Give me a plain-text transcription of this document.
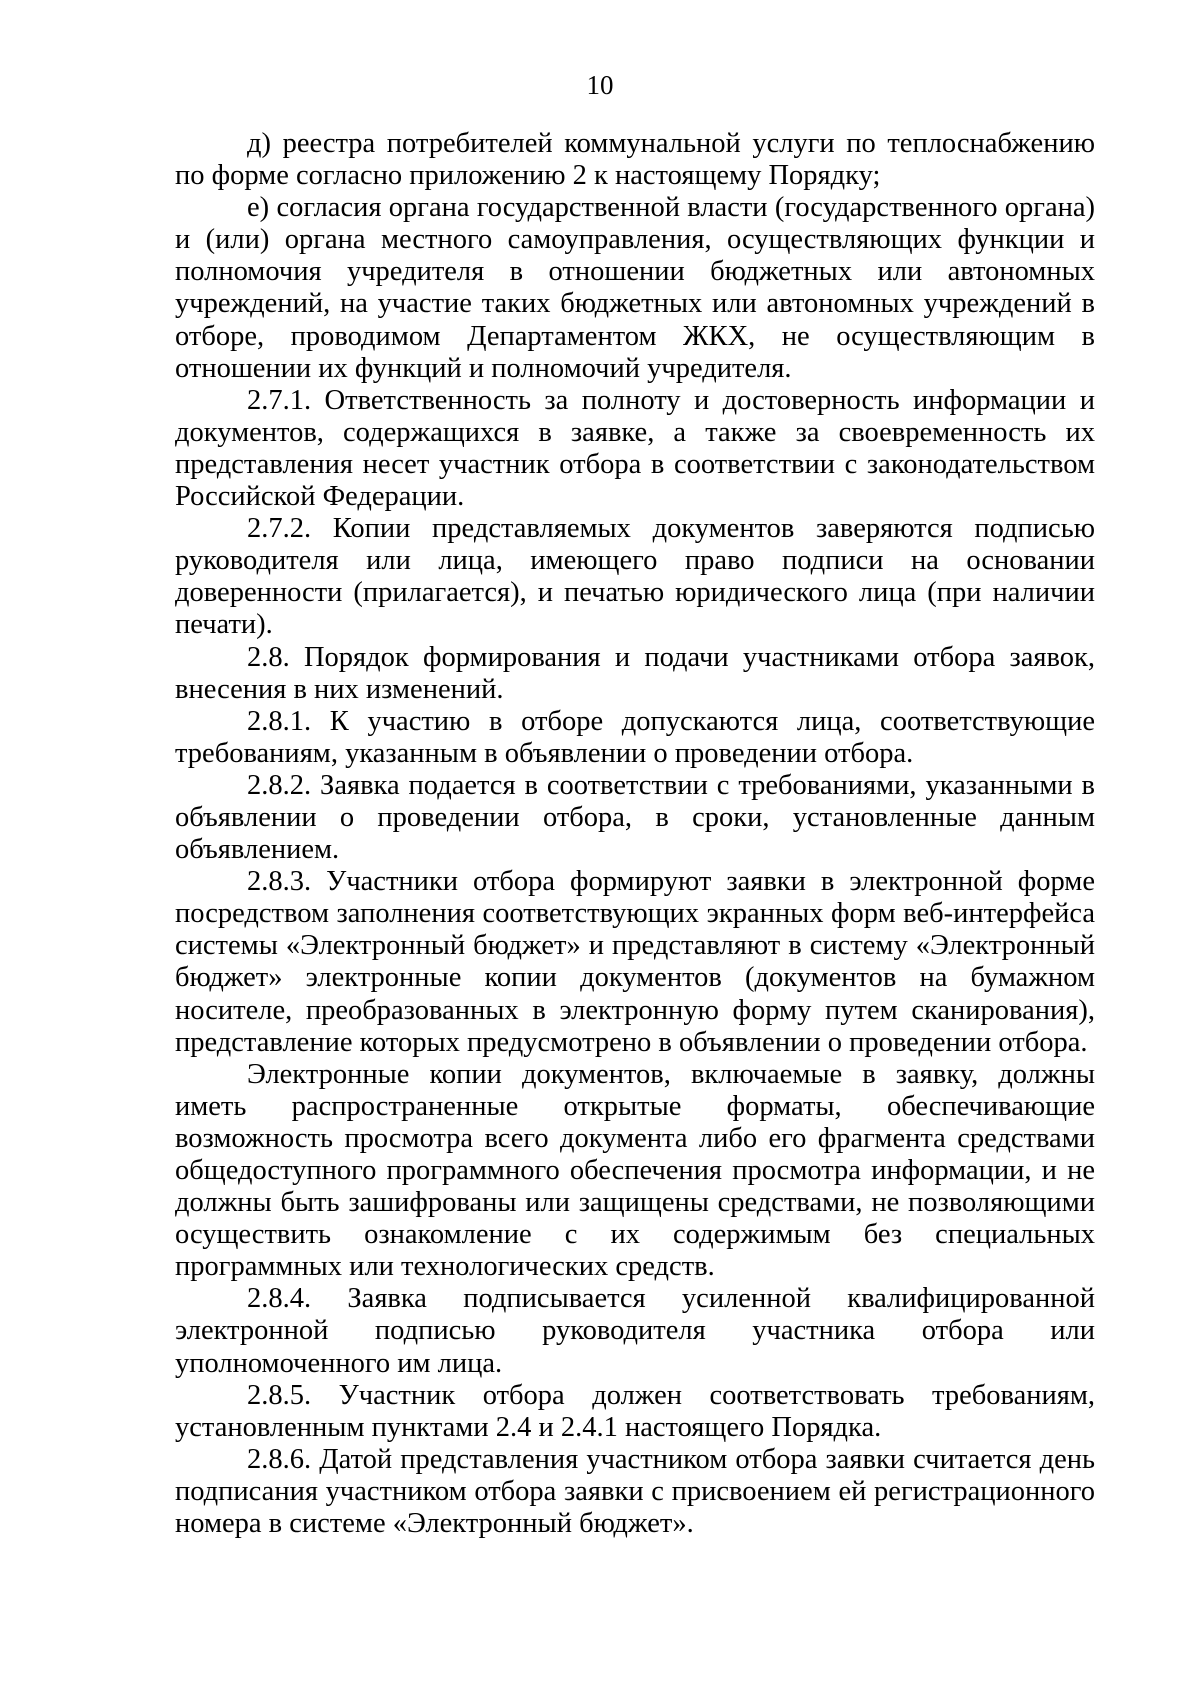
10

д) реестра потребителей коммунальной услуги по теплоснабжению по форме согласно приложению 2 к настоящему Порядку;

е) согласия органа государственной власти (государственного органа) и (или) органа местного самоуправления, осуществляющих функции и полномочия учредителя в отношении бюджетных или автономных учреждений, на участие таких бюджетных или автономных учреждений в отборе, проводимом Департаментом ЖКХ, не осуществляющим в отношении их функций и полномочий учредителя.

2.7.1. Ответственность за полноту и достоверность информации и документов, содержащихся в заявке, а также за своевременность их представления несет участник отбора в соответствии с законодательством Российской Федерации.

2.7.2. Копии представляемых документов заверяются подписью руководителя или лица, имеющего право подписи на основании доверенности (прилагается), и печатью юридического лица (при наличии печати).

2.8. Порядок формирования и подачи участниками отбора заявок, внесения в них изменений.

2.8.1. К участию в отборе допускаются лица, соответствующие требованиям, указанным в объявлении о проведении отбора.

2.8.2. Заявка подается в соответствии с требованиями, указанными в объявлении о проведении отбора, в сроки, установленные данным объявлением.

2.8.3. Участники отбора формируют заявки в электронной форме посредством заполнения соответствующих экранных форм веб-интерфейса системы «Электронный бюджет» и представляют в систему «Электронный бюджет» электронные копии документов (документов на бумажном носителе, преобразованных в электронную форму путем сканирования), представление которых предусмотрено в объявлении о проведении отбора.

Электронные копии документов, включаемые в заявку, должны иметь распространенные открытые форматы, обеспечивающие возможность просмотра всего документа либо его фрагмента средствами общедоступного программного обеспечения просмотра информации, и не должны быть зашифрованы или защищены средствами, не позволяющими осуществить ознакомление с их содержимым без специальных программных или технологических средств.

2.8.4. Заявка подписывается усиленной квалифицированной электронной подписью руководителя участника отбора или уполномоченного им лица.

2.8.5. Участник отбора должен соответствовать требованиям, установленным пунктами 2.4 и 2.4.1 настоящего Порядка.

2.8.6. Датой представления участником отбора заявки считается день подписания участником отбора заявки с присвоением ей регистрационного номера в системе «Электронный бюджет».
